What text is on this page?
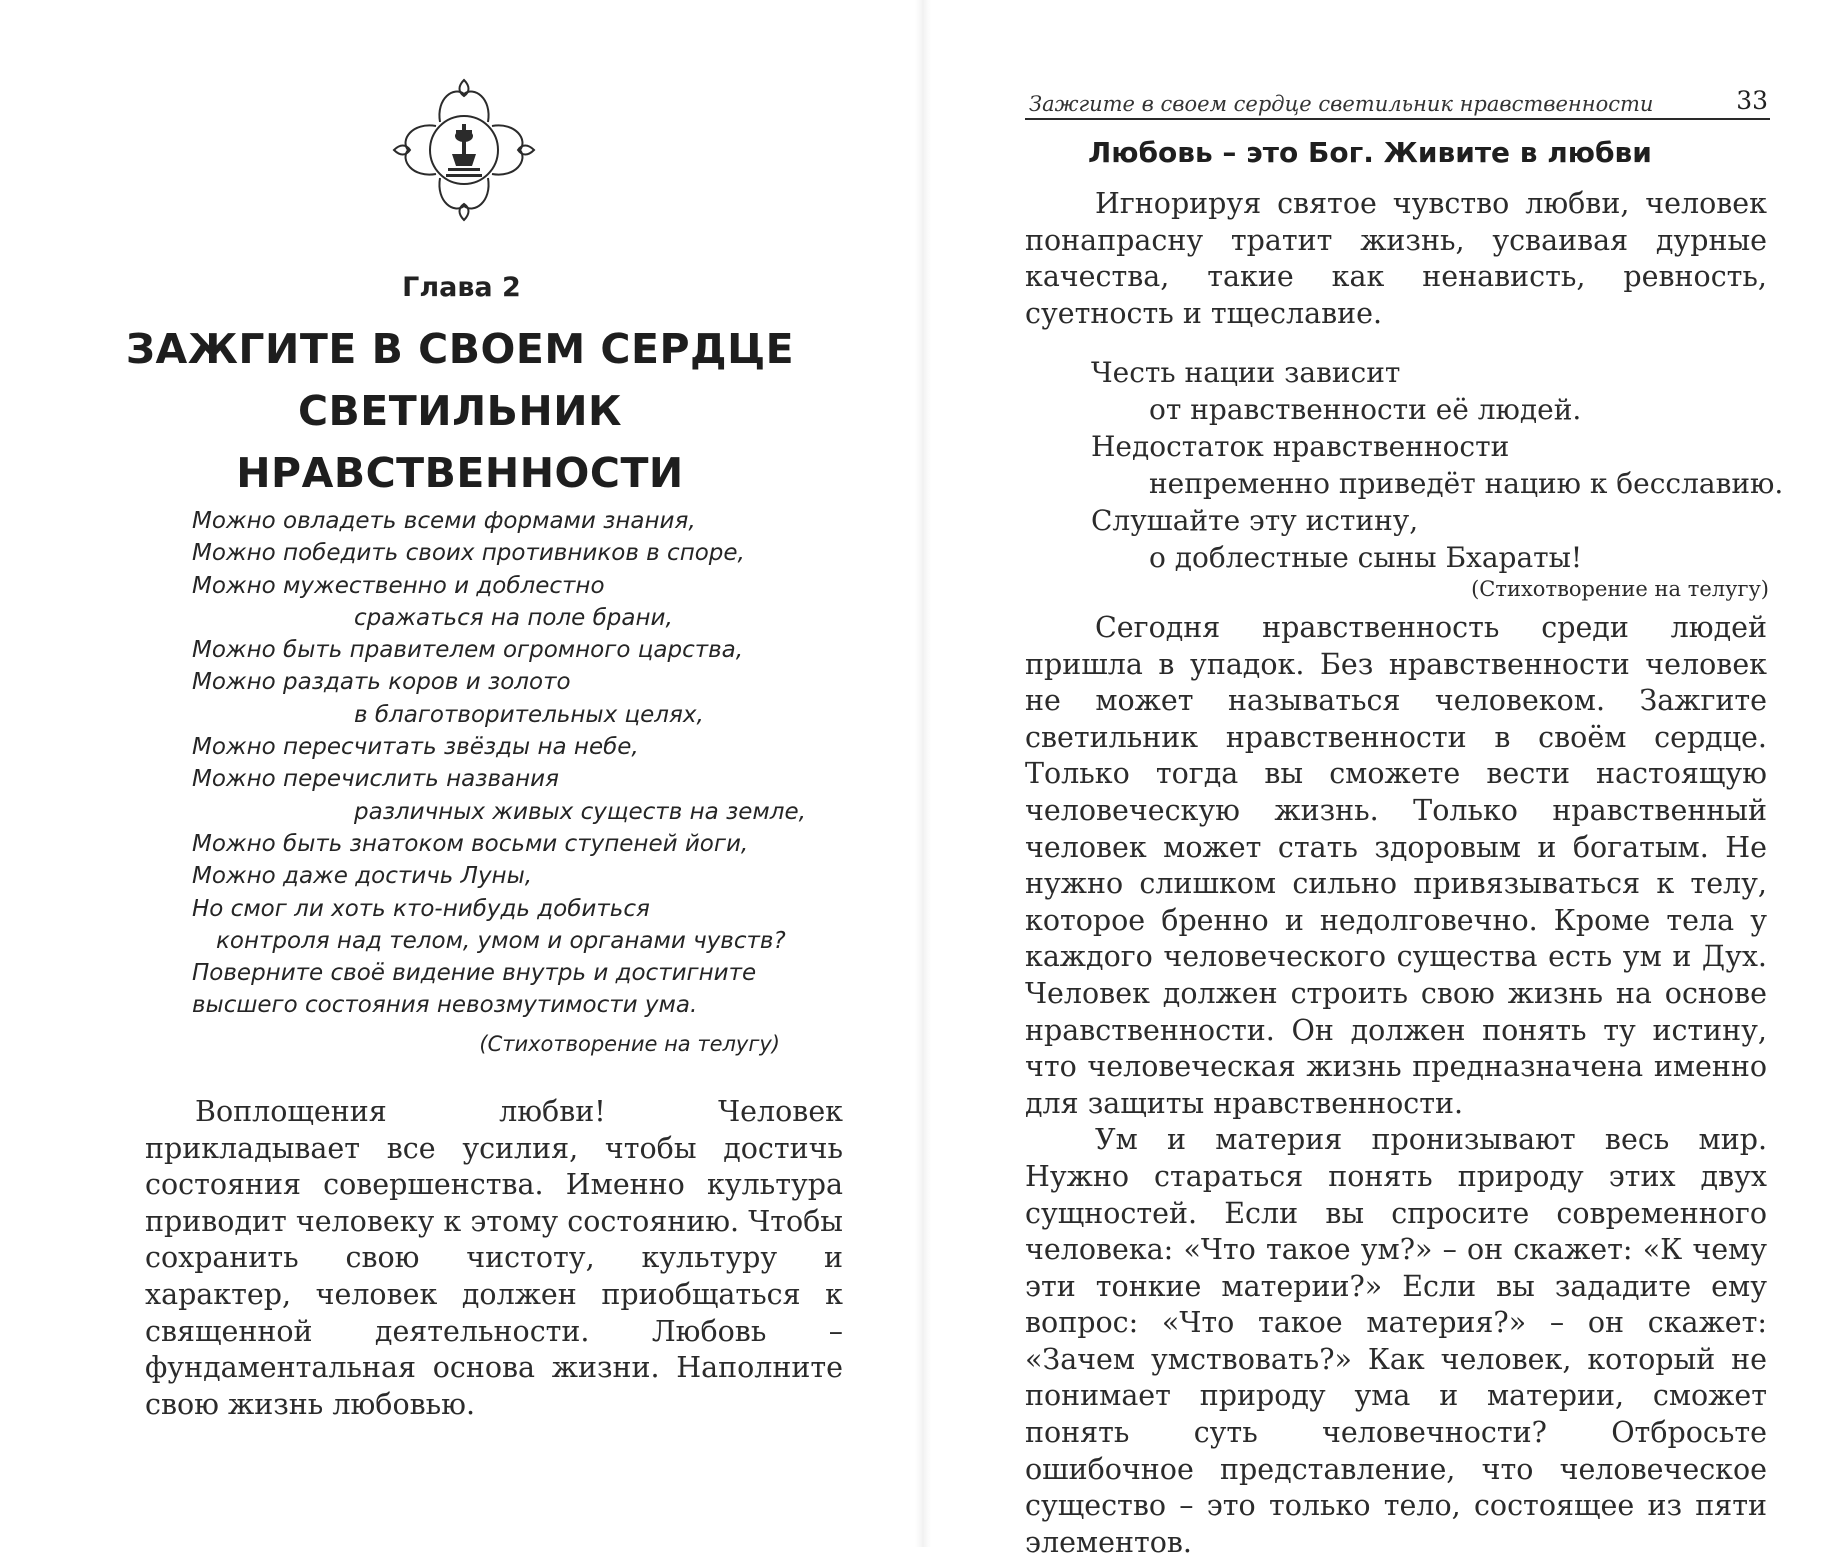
Глава 2
ЗАЖГИТЕ В СВОЕМ СЕРДЦЕ
СВЕТИЛЬНИК
НРАВСТВЕННОСТИ
Можно овладеть всеми формами знания,
Можно победить своих противников в споре,
Можно мужественно и доблестно
сражаться на поле брани,
Можно быть правителем огромного царства,
Можно раздать коров и золото
в благотворительных целях,
Можно пересчитать звёзды на небе,
Можно перечислить названия
различных живых существ на земле,
Можно быть знатоком восьми ступеней йоги,
Можно даже достичь Луны,
Но смог ли хоть кто-нибудь добиться
контроля над телом, умом и органами чувств?
Поверните своё видение внутрь и достигните
высшего состояния невозмутимости ума.
(Стихотворение на телугу)

Воплощения любви! Человек прикладывает все усилия, чтобы достичь состояния совершенства. Именно культура приводит человеку к этому состоянию. Чтобы сохранить свою чистоту, культуру и характер, человек должен приобщаться к священной деятельности. Любовь – фундаментальная основа жизни. Наполните свою жизнь любовью.

Зажгите в своем сердце светильник нравственности	33
Любовь – это Бог. Живите в любви

Игнорируя святое чувство любви, человек понапрасну тратит жизнь, усваивая дурные качества, такие как ненависть, ревность, суетность и тщеславие.

Честь нации зависит
от нравственности её людей.
Недостаток нравственности
непременно приведёт нацию к бесславию.
Слушайте эту истину,
о доблестные сыны Бхараты!
(Стихотворение на телугу)

Сегодня нравственность среди людей пришла в упадок. Без нравственности человек не может называться человеком. Зажгите светильник нравственности в своём сердце. Только тогда вы сможете вести настоящую человеческую жизнь. Только нравственный человек может стать здоровым и богатым. Не нужно слишком сильно привязываться к телу, которое бренно и недолговечно. Кроме тела у каждого человеческого существа есть ум и Дух. Человек должен строить свою жизнь на основе нравственности. Он должен понять ту истину, что человеческая жизнь предназначена именно для защиты нравственности.

Ум и материя пронизывают весь мир. Нужно стараться понять природу этих двух сущностей. Если вы спросите современного человека: «Что такое ум?» – он скажет: «К чему эти тонкие материи?» Если вы зададите ему вопрос: «Что такое материя?» – он скажет: «Зачем умствовать?» Как человек, который не понимает природу ума и материи, сможет понять суть человечности? Отбросьте ошибочное представление, что человеческое существо – это только тело, состоящее из пяти элементов.
